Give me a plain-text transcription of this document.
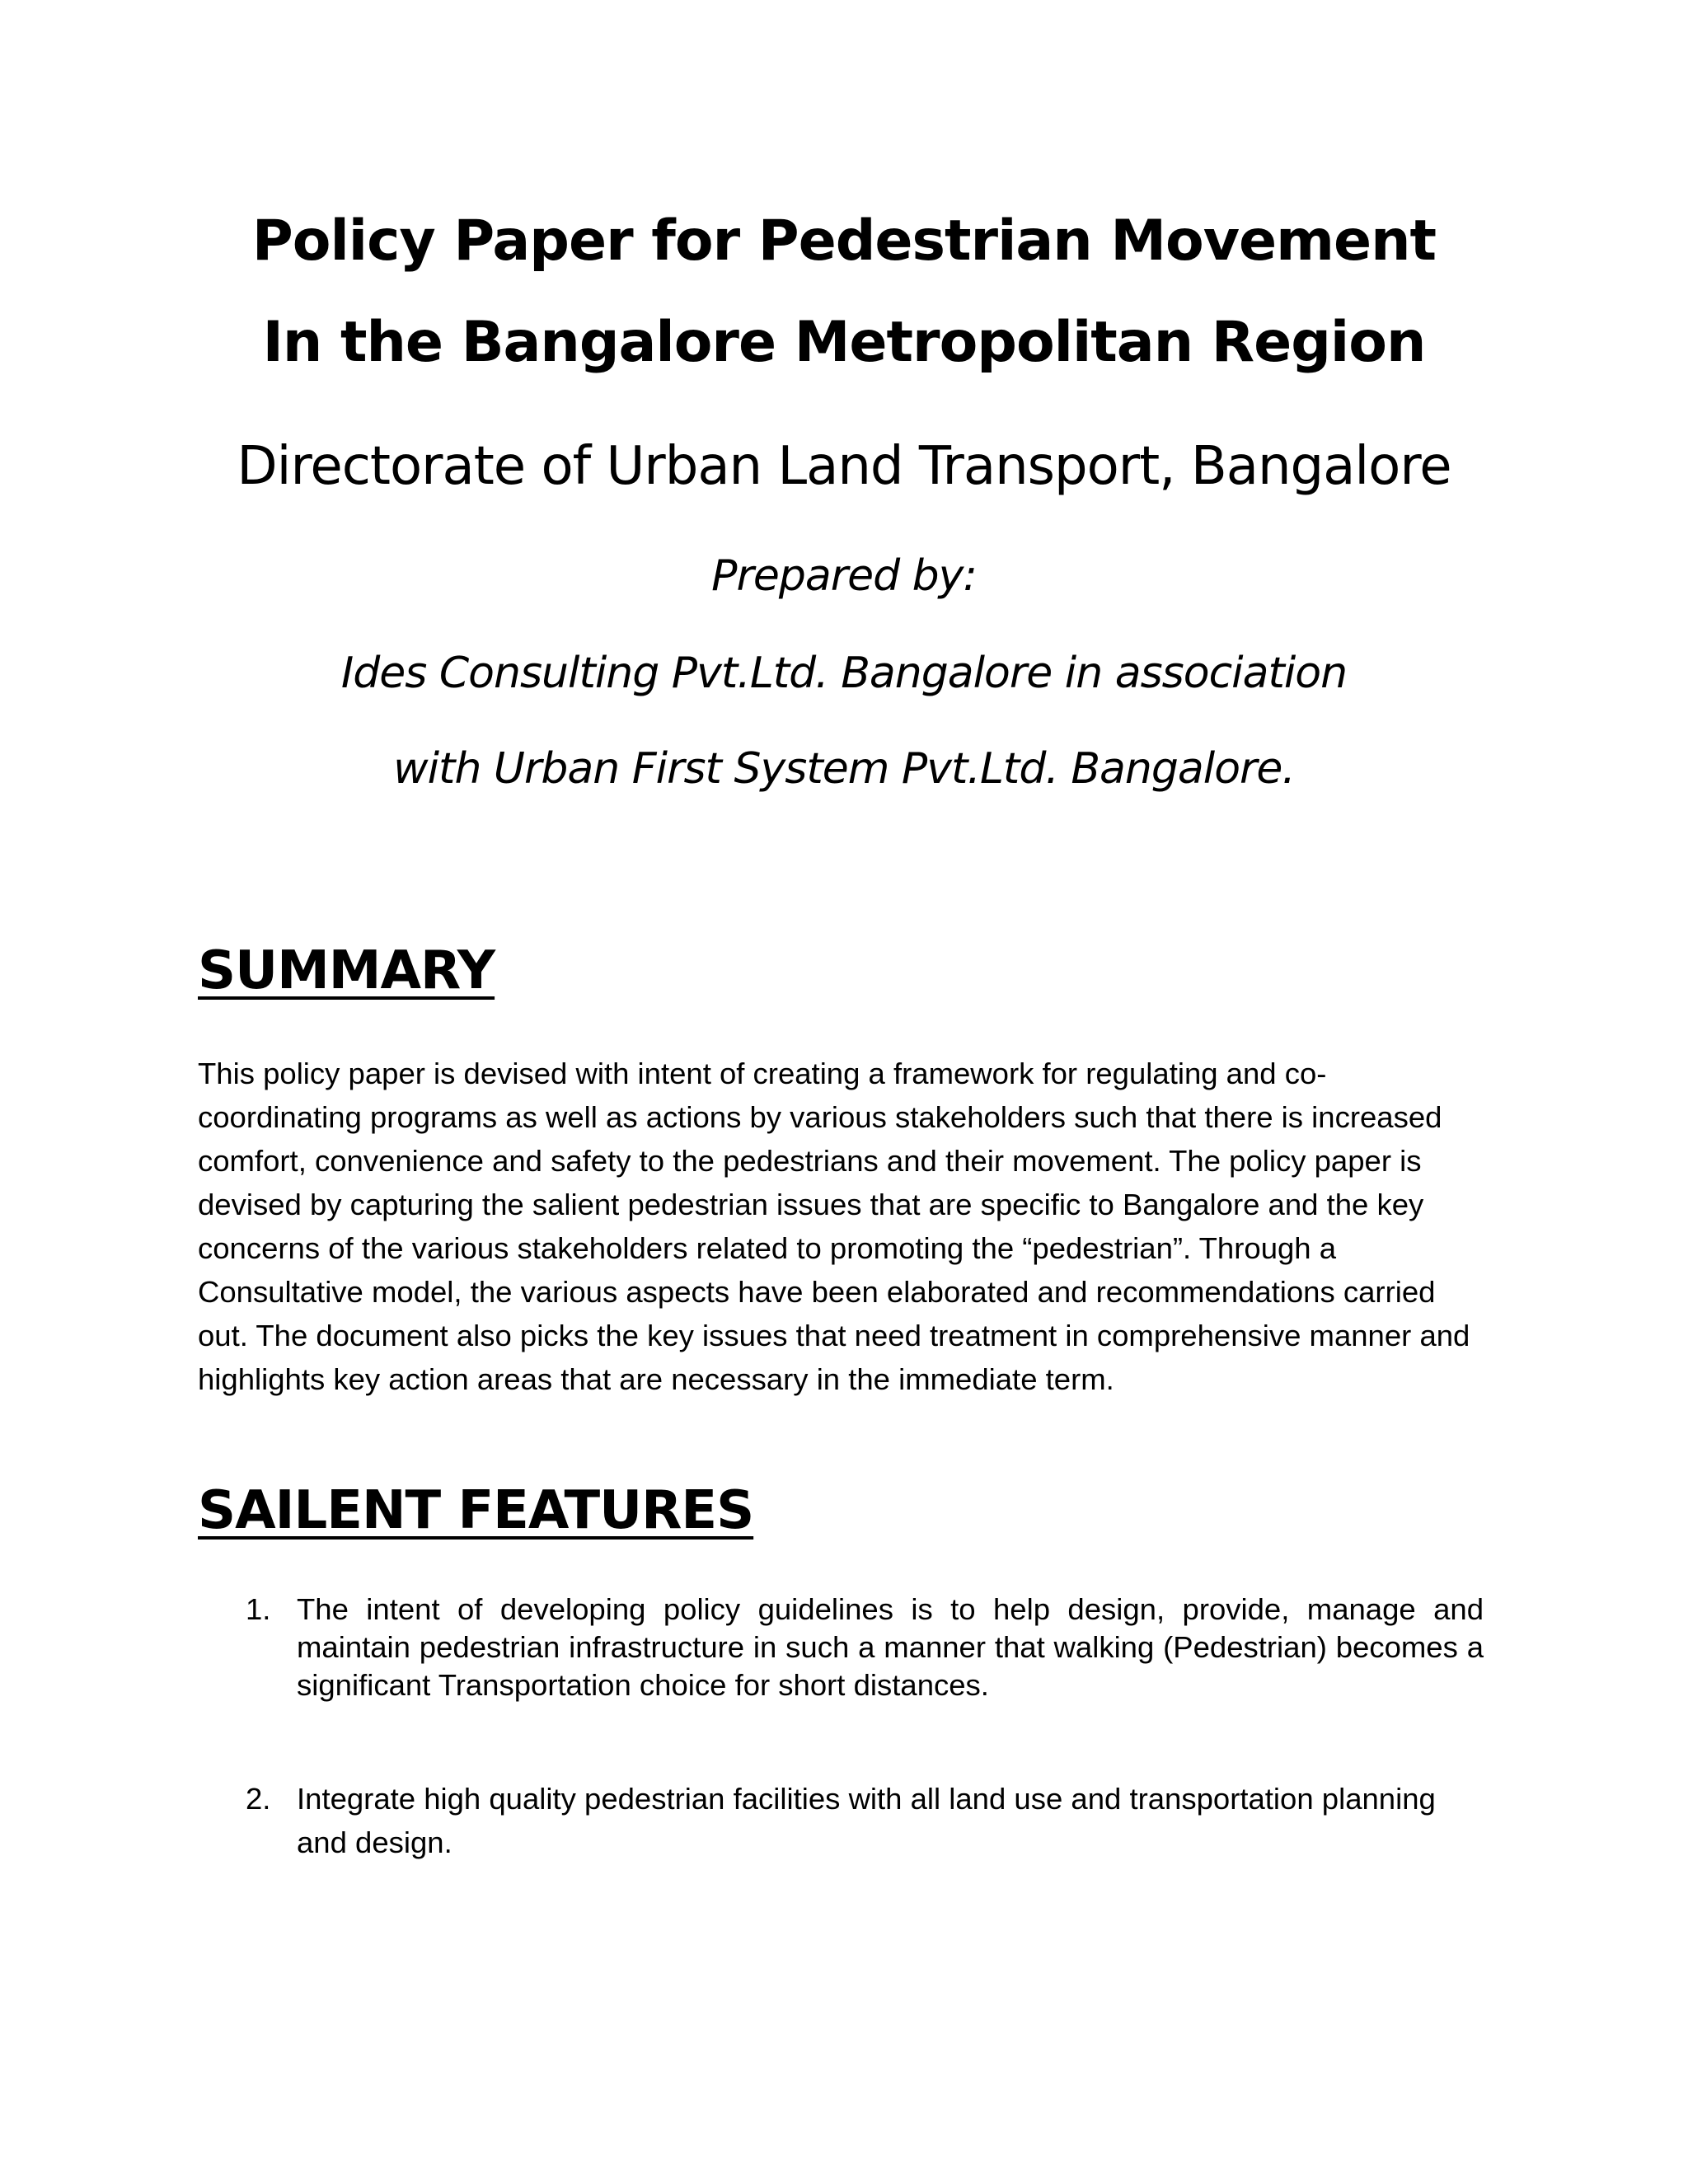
Policy Paper for Pedestrian Movement
In the Bangalore Metropolitan Region
Directorate of Urban Land Transport, Bangalore
Prepared by:
Ides Consulting Pvt.Ltd. Bangalore in association
with Urban First System Pvt.Ltd. Bangalore.
SUMMARY

This policy paper is devised with intent of creating a framework for regulating and co-coordinating programs as well as actions by various stakeholders such that there is increased comfort, convenience and safety to the pedestrians and their movement. The policy paper is devised by capturing the salient pedestrian issues that are specific to Bangalore and the key concerns of the various stakeholders related to promoting the “pedestrian”. Through a Consultative model, the various aspects have been elaborated and recommendations carried out. The document also picks the key issues that need treatment in comprehensive manner and highlights key action areas that are necessary in the immediate term.

SAILENT FEATURES
1. The intent of developing policy guidelines is to help design, provide, manage and maintain pedestrian infrastructure in such a manner that walking (Pedestrian) becomes a significant Transportation choice for short distances.
2. Integrate high quality pedestrian facilities with all land use and transportation planning and design.
